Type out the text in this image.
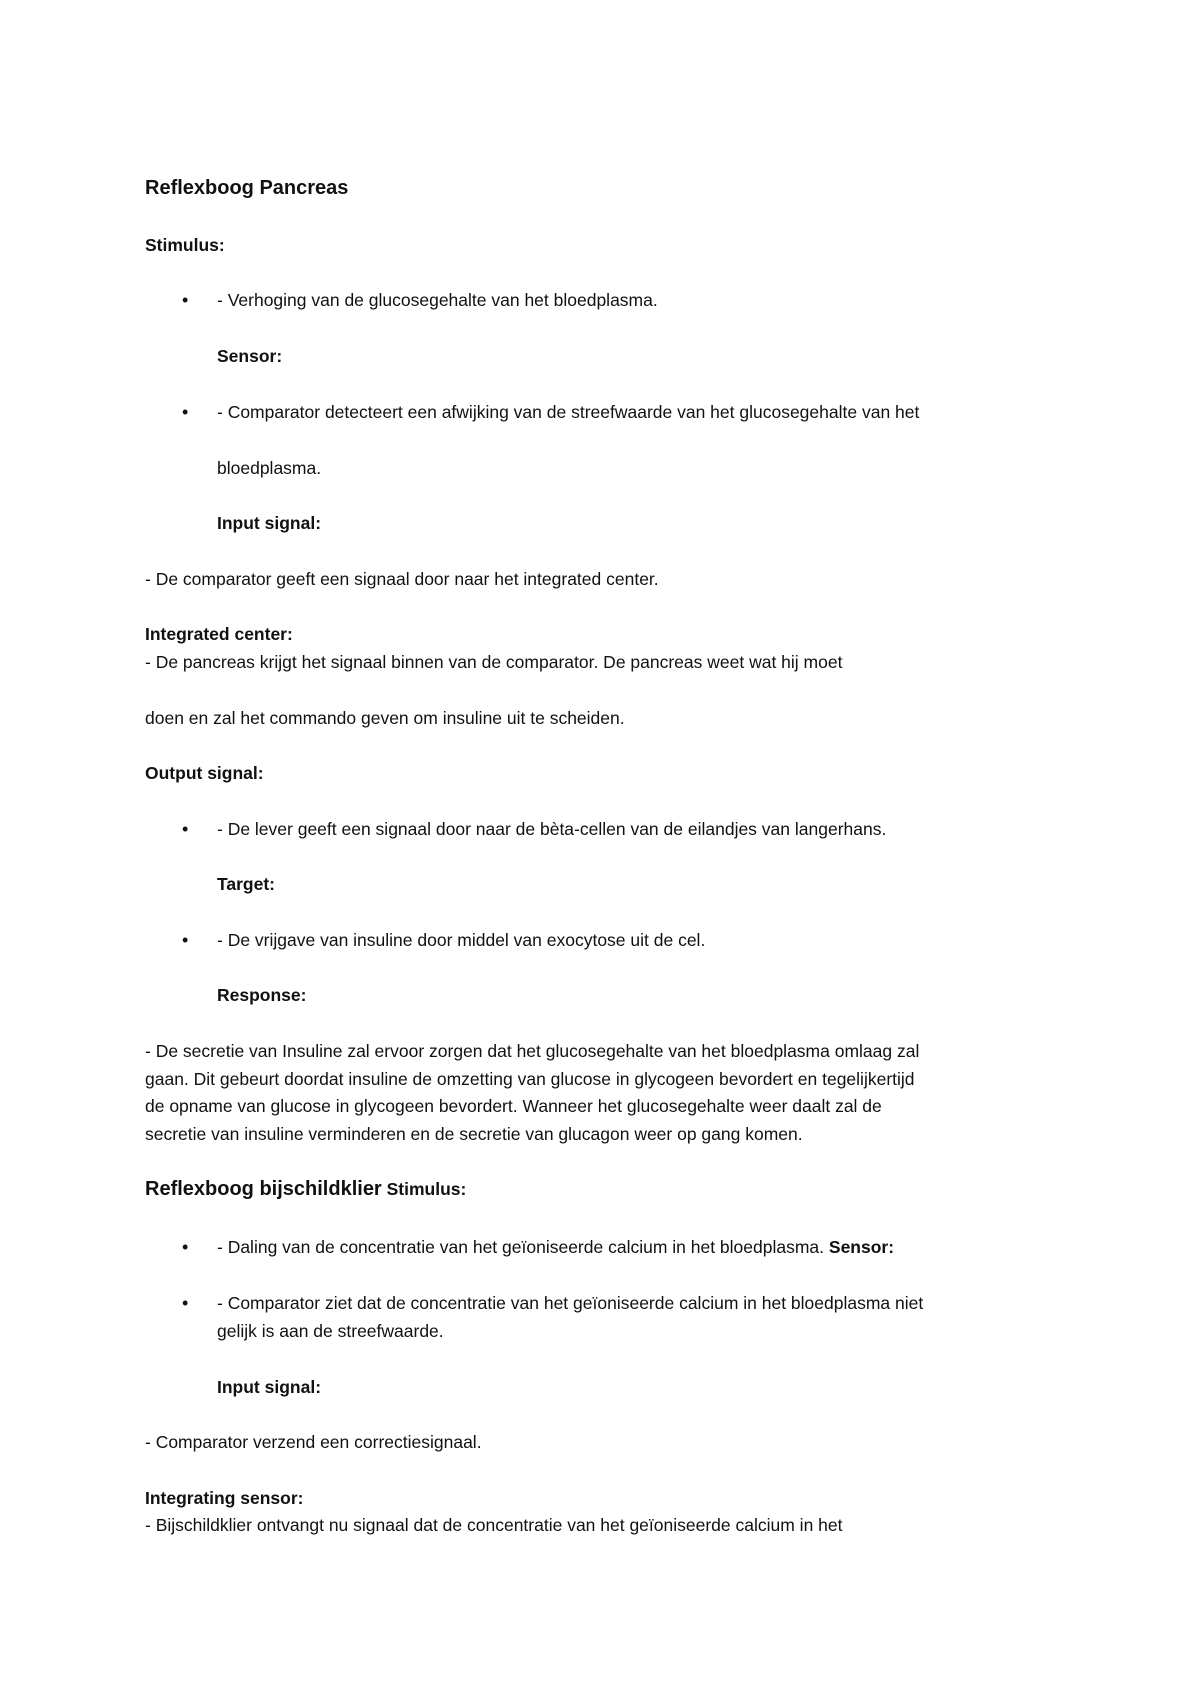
Reflexboog Pancreas
Stimulus:
• - Verhoging van de glucosegehalte van het bloedplasma.
Sensor:
• - Comparator detecteert een afwijking van de streefwaarde van het glucosegehalte van het
bloedplasma.
Input signal:
- De comparator geeft een signaal door naar het integrated center.
Integrated center:
- De pancreas krijgt het signaal binnen van de comparator. De pancreas weet wat hij moet
doen en zal het commando geven om insuline uit te scheiden.
Output signal:
• - De lever geeft een signaal door naar de bèta-cellen van de eilandjes van langerhans.
Target:
• - De vrijgave van insuline door middel van exocytose uit de cel.
Response:
- De secretie van Insuline zal ervoor zorgen dat het glucosegehalte van het bloedplasma omlaag zal
gaan. Dit gebeurt doordat insuline de omzetting van glucose in glycogeen bevordert en tegelijkertijd
de opname van glucose in glycogeen bevordert. Wanneer het glucosegehalte weer daalt zal de
secretie van insuline verminderen en de secretie van glucagon weer op gang komen.
Reflexboog bijschildklier Stimulus:
• - Daling van de concentratie van het geïoniseerde calcium in het bloedplasma. Sensor:
• - Comparator ziet dat de concentratie van het geïoniseerde calcium in het bloedplasma niet
gelijk is aan de streefwaarde.
Input signal:
- Comparator verzend een correctiesignaal.
Integrating sensor:
- Bijschildklier ontvangt nu signaal dat de concentratie van het geïoniseerde calcium in het
